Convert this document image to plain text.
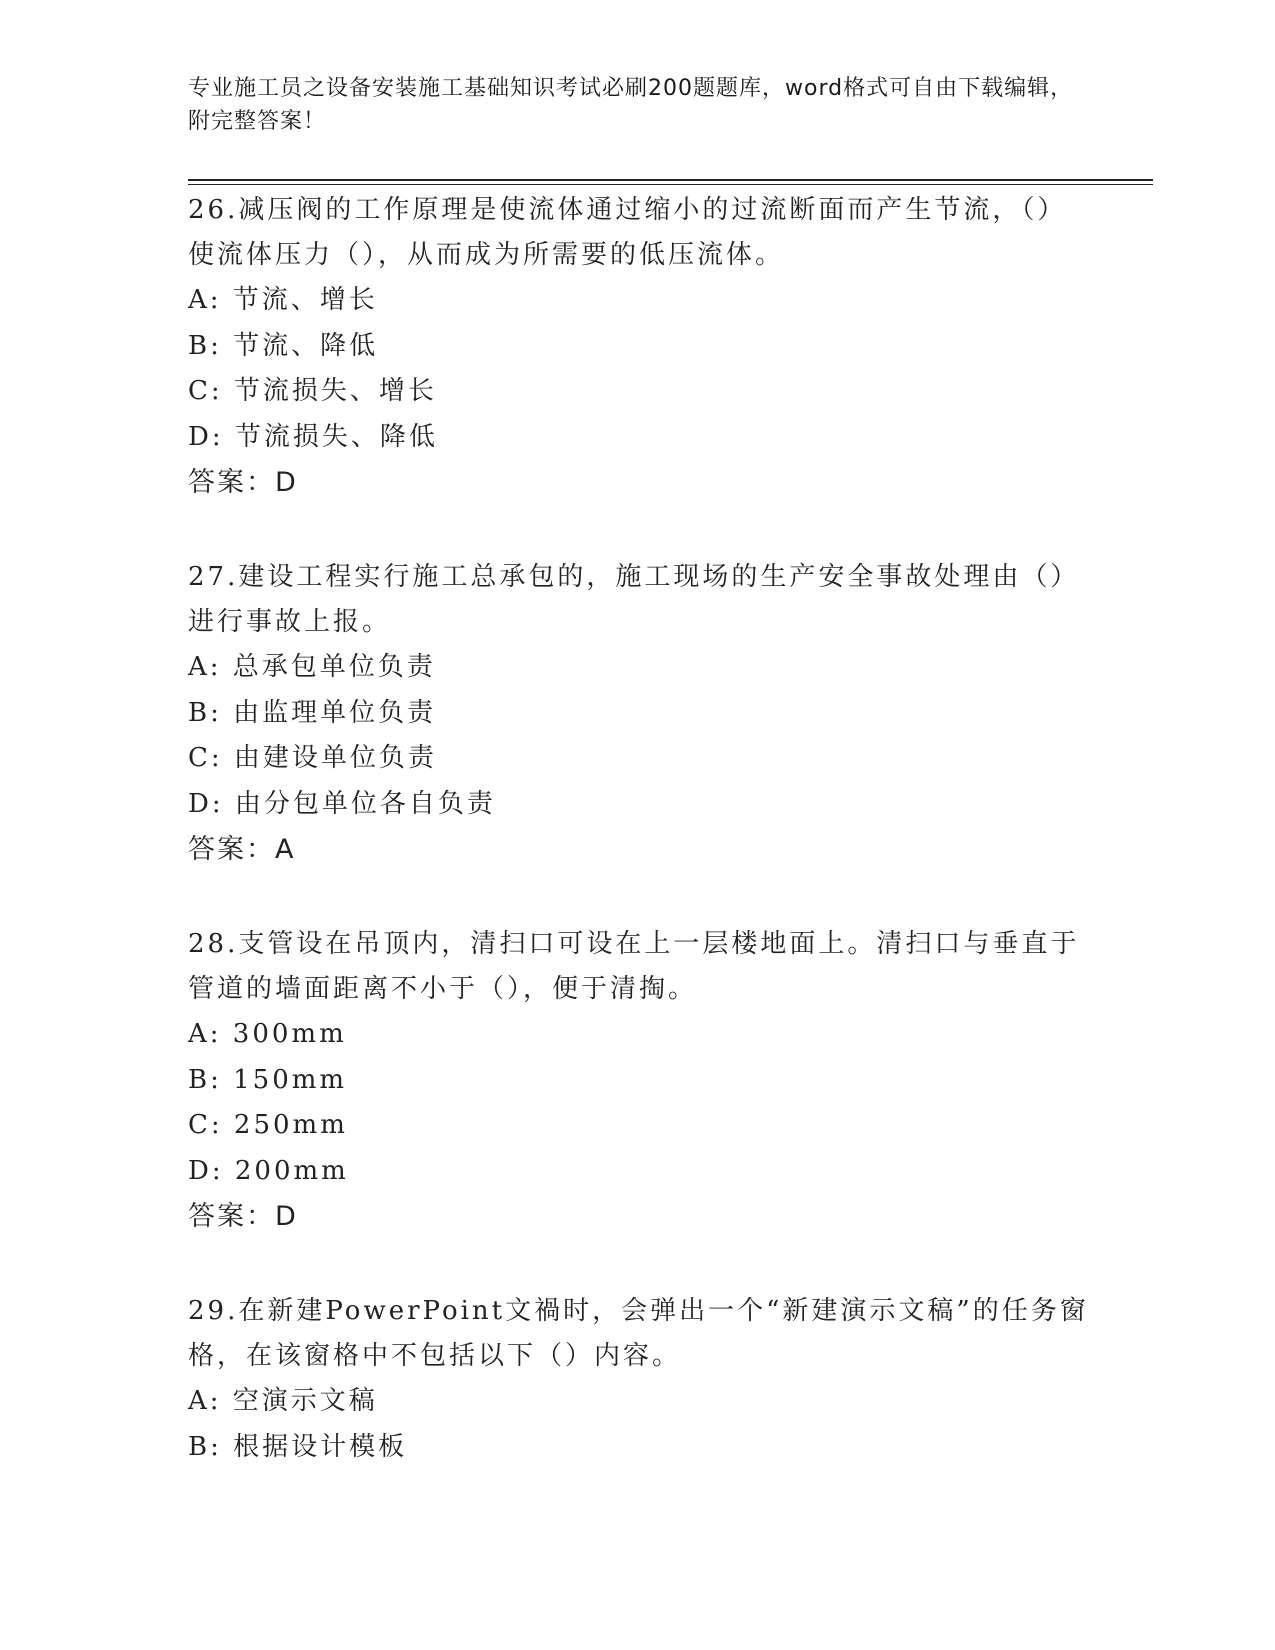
专业施工员之设备安装施工基础知识考试必刷200题题库，word格式可自由下载编辑，附完整答案！
26.减压阀的工作原理是使流体通过缩小的过流断面而产生节流，（）使流体压力（），从而成为所需要的低压流体。
A: 节流、增长
B: 节流、降低
C: 节流损失、增长
D: 节流损失、降低
答案：D
27.建设工程实行施工总承包的，施工现场的生产安全事故处理由（）进行事故上报。
A: 总承包单位负责
B: 由监理单位负责
C: 由建设单位负责
D: 由分包单位各自负责
答案：A
28.支管设在吊顶内，清扫口可设在上一层楼地面上。清扫口与垂直于管道的墙面距离不小于（），便于清掏。
A: 300mm
B: 150mm
C: 250mm
D: 200mm
答案：D
29.在新建PowerPoint文禍时，会弹出一个“新建演示文稿”的任务窗格，在该窗格中不包括以下（）内容。
A: 空演示文稿
B: 根据设计模板
